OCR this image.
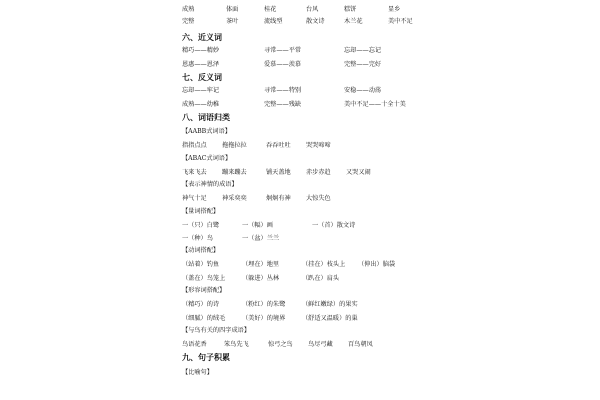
成熟	体面	桂花	台风	糕饼	显乡
完整	茶叶	流线型	散文诗	木兰花	美中不足
六、近义词
精巧——精妙	寻常——平常	忘却——忘记
恩惠——恩泽	爱慕——羡慕	完整——完好
七、反义词
忘却——牢记	寻常——特别	安稳——动荡
成熟——幼稚	完整——残缺	美中不足——十全十美
八、词语归类
【AABB式词语】
指指点点 拖拖拉拉	吞吞吐吐 哭哭啼啼
【ABAC式词语】
飞来飞去 蹦来蹦去	铺天盖地 赤步赤趋 又哭又闹
【表示神情的成语】
神气十足 神采奕奕	炯炯有神 大惊失色
【量词搭配】
一（只）白鹭	一（幅）画	一（首）散文诗
一（种）鸟	一（盆）兰兰
【动词搭配】
（站着）钓鱼	（埋在）地里	（挂在）枝头上 （伸出）脑袋
（盖在）鸟笼上	（躲进）丛林	（趴在）肩头
【形容词搭配】
（精巧）的诗	（粉红）的朱鹭	（鲜红嫩绿）的果实
（细腻）的绒毛	（美好）的境界	（舒适又温暖）的巢
【与鸟有关的四字成语】
鸟语花香	笨鸟先飞	惊弓之鸟 鸟尽弓藏 百鸟朝凤
九、句子积累
【比喻句】
